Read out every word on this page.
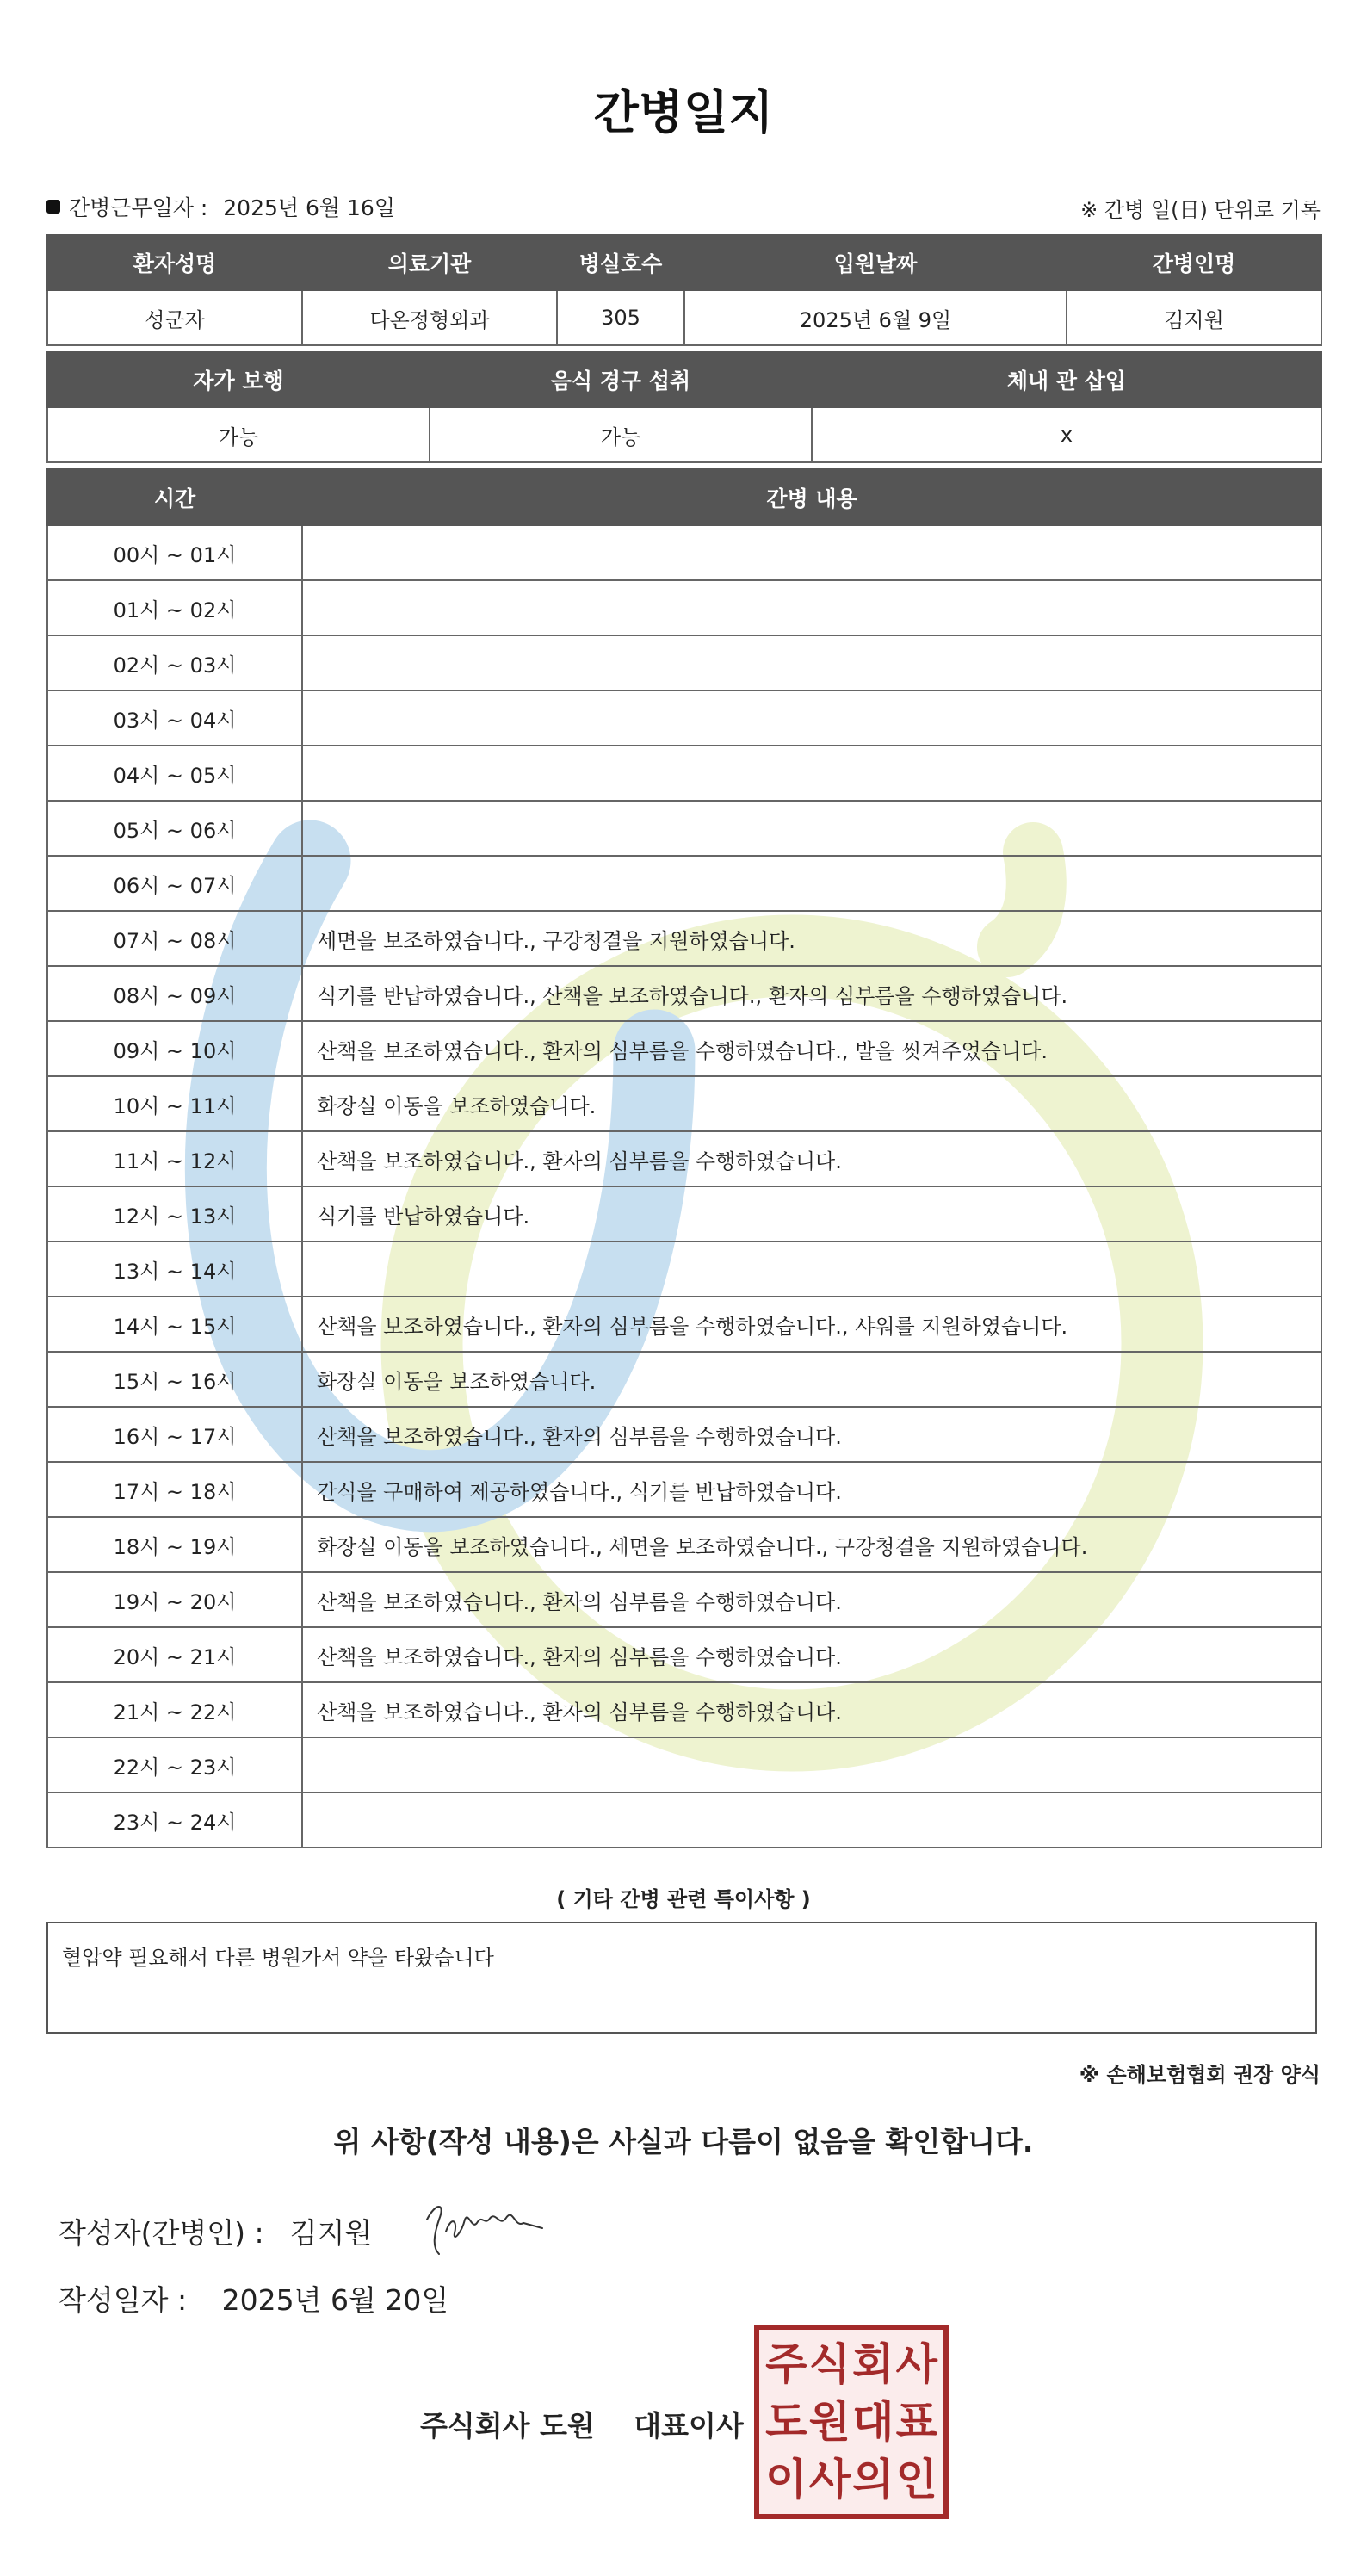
간병일지
간병근무일자 : 2025년 6월 16일	※ 간병 일(日) 단위로 기록
환자성명	의료기관	병실호수	입원날짜	간병인명
성군자	다온정형외과	305	2025년 6월 9일	김지원
자가 보행	음식 경구 섭취	체내 관 삽입
가능	가능	x
시간	간병 내용
00시 ~ 01시	
01시 ~ 02시	
02시 ~ 03시	
03시 ~ 04시	
04시 ~ 05시	
05시 ~ 06시	
06시 ~ 07시	
07시 ~ 08시	세면을 보조하였습니다., 구강청결을 지원하였습니다.
08시 ~ 09시	식기를 반납하였습니다., 산책을 보조하였습니다., 환자의 심부름을 수행하였습니다.
09시 ~ 10시	산책을 보조하였습니다., 환자의 심부름을 수행하였습니다., 발을 씻겨주었습니다.
10시 ~ 11시	화장실 이동을 보조하였습니다.
11시 ~ 12시	산책을 보조하였습니다., 환자의 심부름을 수행하였습니다.
12시 ~ 13시	식기를 반납하였습니다.
13시 ~ 14시	
14시 ~ 15시	산책을 보조하였습니다., 환자의 심부름을 수행하였습니다., 샤워를 지원하였습니다.
15시 ~ 16시	화장실 이동을 보조하였습니다.
16시 ~ 17시	산책을 보조하였습니다., 환자의 심부름을 수행하였습니다.
17시 ~ 18시	간식을 구매하여 제공하였습니다., 식기를 반납하였습니다.
18시 ~ 19시	화장실 이동을 보조하였습니다., 세면을 보조하였습니다., 구강청결을 지원하였습니다.
19시 ~ 20시	산책을 보조하였습니다., 환자의 심부름을 수행하였습니다.
20시 ~ 21시	산책을 보조하였습니다., 환자의 심부름을 수행하였습니다.
21시 ~ 22시	산책을 보조하였습니다., 환자의 심부름을 수행하였습니다.
22시 ~ 23시	
23시 ~ 24시	
( 기타 간병 관련 특이사항 )
혈압약 필요해서 다른 병원가서 약을 타왔습니다
※ 손해보험협회 권장 양식
위 사항(작성 내용)은 사실과 다름이 없음을 확인합니다.
작성자(간병인) : 김지원
작성일자 : 2025년 6월 20일
주식회사 도원 대표이사
주 식 회 사
도 원 대 표
이 사 의 인
